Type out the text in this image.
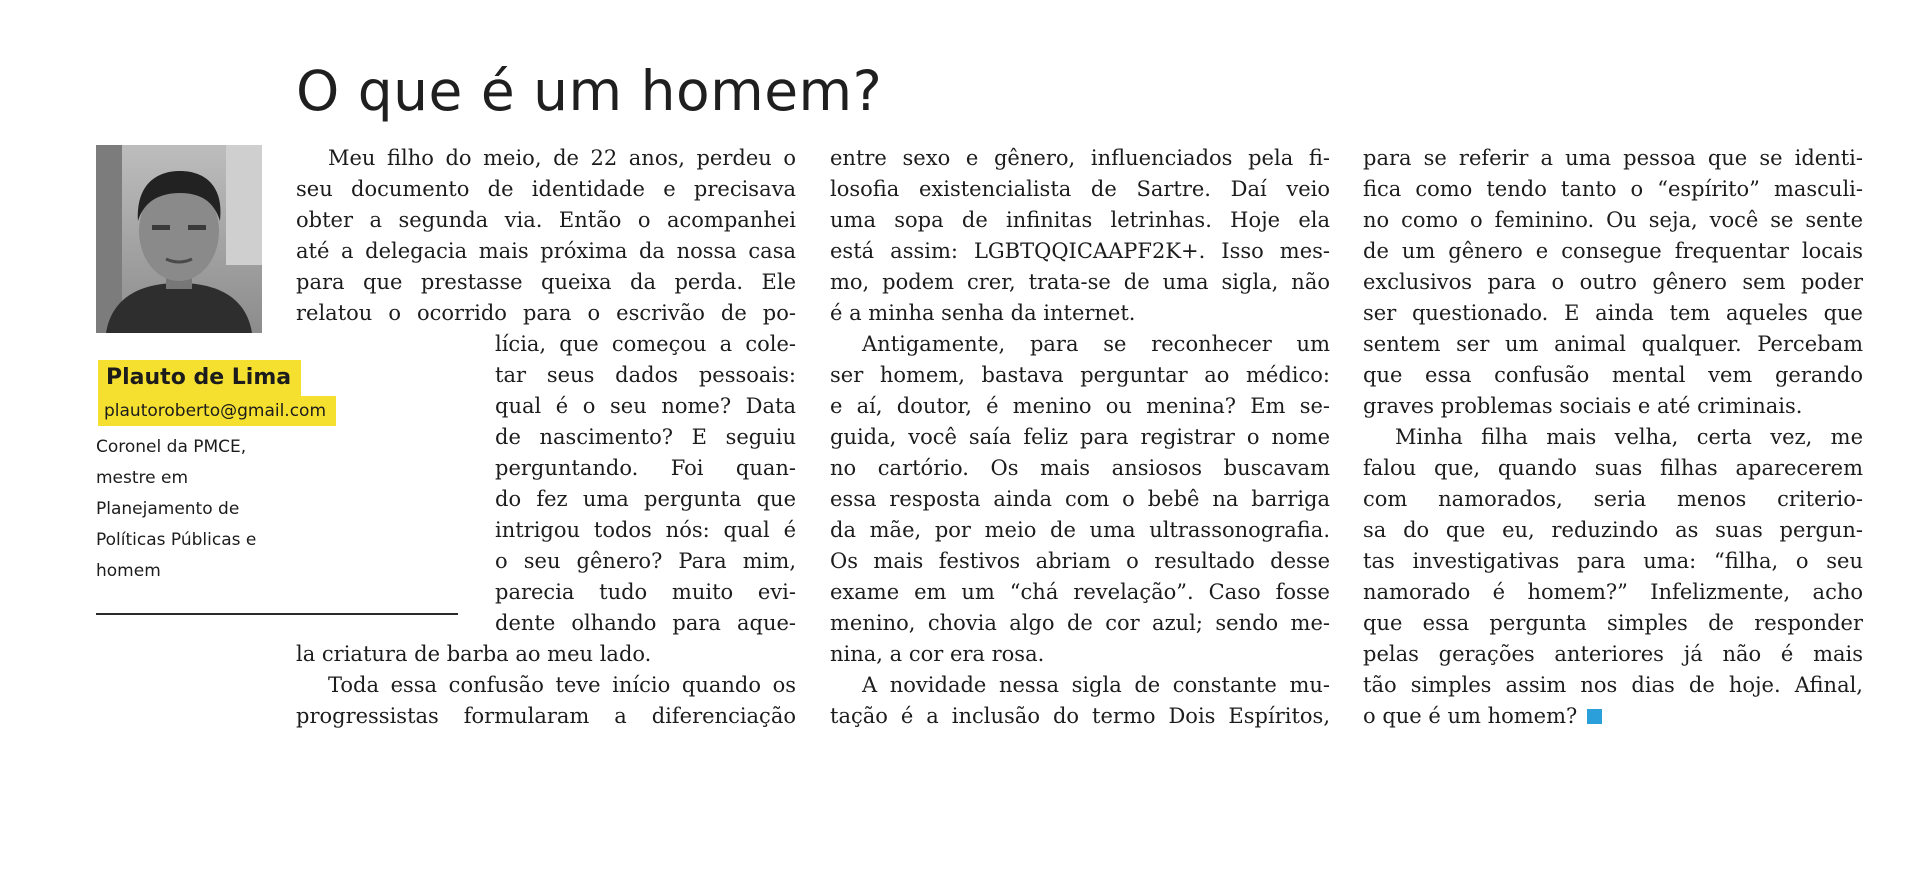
O que é um homem?
Plauto de Lima
plautoroberto@gmail.com

Coronel da PMCE,
mestre em
Planejamento de
Políticas Públicas e
homem

Meu filho do meio, de 22 anos, perdeu o
seu documento de identidade e precisava
obter a segunda via. Então o acompanhei
até a delegacia mais próxima da nossa casa
para que prestasse queixa da perda. Ele
relatou o ocorrido para o escrivão de po-
lícia, que começou a cole-
tar seus dados pessoais:
qual é o seu nome? Data
de nascimento? E seguiu
perguntando. Foi quan-
do fez uma pergunta que
intrigou todos nós: qual é
o seu gênero? Para mim,
parecia tudo muito evi-
dente olhando para aque-
la criatura de barba ao meu lado.
Toda essa confusão teve início quando os
progressistas formularam a diferenciação
entre sexo e gênero, influenciados pela fi-
losofia existencialista de Sartre. Daí veio
uma sopa de infinitas letrinhas. Hoje ela
está assim: LGBTQQICAAPF2K+. Isso mes-
mo, podem crer, trata-se de uma sigla, não
é a minha senha da internet.
Antigamente, para se reconhecer um
ser homem, bastava perguntar ao médico:
e aí, doutor, é menino ou menina? Em se-
guida, você saía feliz para registrar o nome
no cartório. Os mais ansiosos buscavam
essa resposta ainda com o bebê na barriga
da mãe, por meio de uma ultrassonografia.
Os mais festivos abriam o resultado desse
exame em um “chá revelação”. Caso fosse
menino, chovia algo de cor azul; sendo me-
nina, a cor era rosa.
A novidade nessa sigla de constante mu-
tação é a inclusão do termo Dois Espíritos,
para se referir a uma pessoa que se identi-
fica como tendo tanto o “espírito” masculi-
no como o feminino. Ou seja, você se sente
de um gênero e consegue frequentar locais
exclusivos para o outro gênero sem poder
ser questionado. E ainda tem aqueles que
sentem ser um animal qualquer. Percebam
que essa confusão mental vem gerando
graves problemas sociais e até criminais.
Minha filha mais velha, certa vez, me
falou que, quando suas filhas aparecerem
com namorados, seria menos criterio-
sa do que eu, reduzindo as suas pergun-
tas investigativas para uma: “filha, o seu
namorado é homem?” Infelizmente, acho
que essa pergunta simples de responder
pelas gerações anteriores já não é mais
tão simples assim nos dias de hoje. Afinal,
o que é um homem?
